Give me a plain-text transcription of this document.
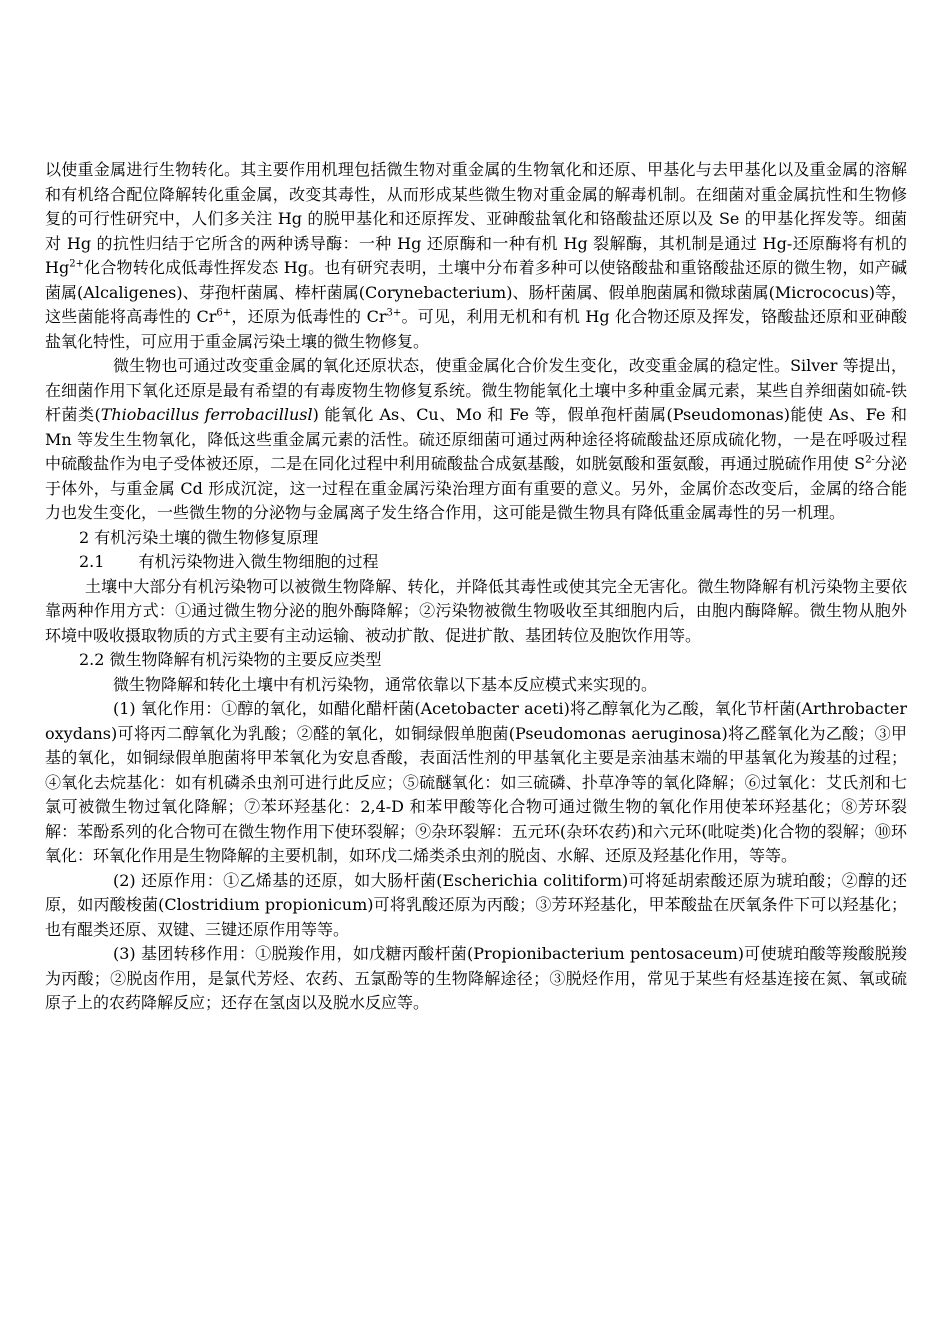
以使重金属进行生物转化。其主要作用机理包括微生物对重金属的生物氧化和还原、甲基化与去甲基化以及重金属的溶解和有机络合配位降解转化重金属，改变其毒性，从而形成某些微生物对重金属的解毒机制。在细菌对重金属抗性和生物修复的可行性研究中，人们多关注 Hg 的脱甲基化和还原挥发、亚砷酸盐氧化和铬酸盐还原以及 Se 的甲基化挥发等。细菌对 Hg 的抗性归结于它所含的两种诱导酶：一种 Hg 还原酶和一种有机 Hg 裂解酶，其机制是通过 Hg-还原酶将有机的 $Hg^{2+}$化合物转化成低毒性挥发态 Hg。也有研究表明，土壤中分布着多种可以使铬酸盐和重铬酸盐还原的微生物，如产碱菌属(Alcaligenes)、芽孢杆菌属、棒杆菌属(Corynebacterium)、肠杆菌属、假单胞菌属和微球菌属(Micrococus)等，这些菌能将高毒性的 $Cr^{6+}$，还原为低毒性的 $Cr^{3+}$。可见，利用无机和有机 Hg 化合物还原及挥发，铬酸盐还原和亚砷酸盐氧化特性，可应用于重金属污染土壤的微生物修复。

微生物也可通过改变重金属的氧化还原状态，使重金属化合价发生变化，改变重金属的稳定性。Silver 等提出，在细菌作用下氧化还原是最有希望的有毒废物生物修复系统。微生物能氧化土壤中多种重金属元素，某些自养细菌如硫-铁杆菌类(Thiobacillus ferrobacillusl) 能氧化 As、Cu、Mo 和 Fe 等，假单孢杆菌属(Pseudomonas)能使 As、Fe 和 Mn 等发生生物氧化，降低这些重金属元素的活性。硫还原细菌可通过两种途径将硫酸盐还原成硫化物，一是在呼吸过程中硫酸盐作为电子受体被还原，二是在同化过程中利用硫酸盐合成氨基酸，如胱氨酸和蛋氨酸，再通过脱硫作用使 $S^{2-}$分泌于体外，与重金属 Cd 形成沉淀，这一过程在重金属污染治理方面有重要的意义。另外，金属价态改变后，金属的络合能力也发生变化，一些微生物的分泌物与金属离子发生络合作用，这可能是微生物具有降低重金属毒性的另一机理。

2 有机污染土壤的微生物修复原理

2.1 有机污染物进入微生物细胞的过程

土壤中大部分有机污染物可以被微生物降解、转化，并降低其毒性或使其完全无害化。微生物降解有机污染物主要依靠两种作用方式：①通过微生物分泌的胞外酶降解；②污染物被微生物吸收至其细胞内后，由胞内酶降解。微生物从胞外环境中吸收摄取物质的方式主要有主动运输、被动扩散、促进扩散、基团转位及胞饮作用等。

2.2 微生物降解有机污染物的主要反应类型

微生物降解和转化土壤中有机污染物，通常依靠以下基本反应模式来实现的。

(1) 氧化作用：①醇的氧化，如醋化醋杆菌(Acetobacter aceti)将乙醇氧化为乙酸，氧化节杆菌(Arthrobacter oxydans)可将丙二醇氧化为乳酸；②醛的氧化，如铜绿假单胞菌(Pseudomonas aeruginosa)将乙醛氧化为乙酸；③甲基的氧化，如铜绿假单胞菌将甲苯氧化为安息香酸，表面活性剂的甲基氧化主要是亲油基末端的甲基氧化为羧基的过程；④氧化去烷基化：如有机磷杀虫剂可进行此反应；⑤硫醚氧化：如三硫磷、扑草净等的氧化降解；⑥过氧化：艾氏剂和七氯可被微生物过氧化降解；⑦苯环羟基化：2,4-D 和苯甲酸等化合物可通过微生物的氧化作用使苯环羟基化；⑧芳环裂解：苯酚系列的化合物可在微生物作用下使环裂解；⑨杂环裂解：五元环(杂环农药)和六元环(吡啶类)化合物的裂解；⑩环氧化：环氧化作用是生物降解的主要机制，如环戊二烯类杀虫剂的脱卤、水解、还原及羟基化作用，等等。

(2) 还原作用：①乙烯基的还原，如大肠杆菌(Escherichia colitiform)可将延胡索酸还原为琥珀酸；②醇的还原，如丙酸梭菌(Clostridium propionicum)可将乳酸还原为丙酸；③芳环羟基化，甲苯酸盐在厌氧条件下可以羟基化；也有醌类还原、双键、三键还原作用等等。

(3) 基团转移作用：①脱羧作用，如戊糖丙酸杆菌(Propionibacterium pentosaceum)可使琥珀酸等羧酸脱羧为丙酸；②脱卤作用，是氯代芳烃、农药、五氯酚等的生物降解途径；③脱烃作用，常见于某些有烃基连接在氮、氧或硫原子上的农药降解反应；还存在氢卤以及脱水反应等。
